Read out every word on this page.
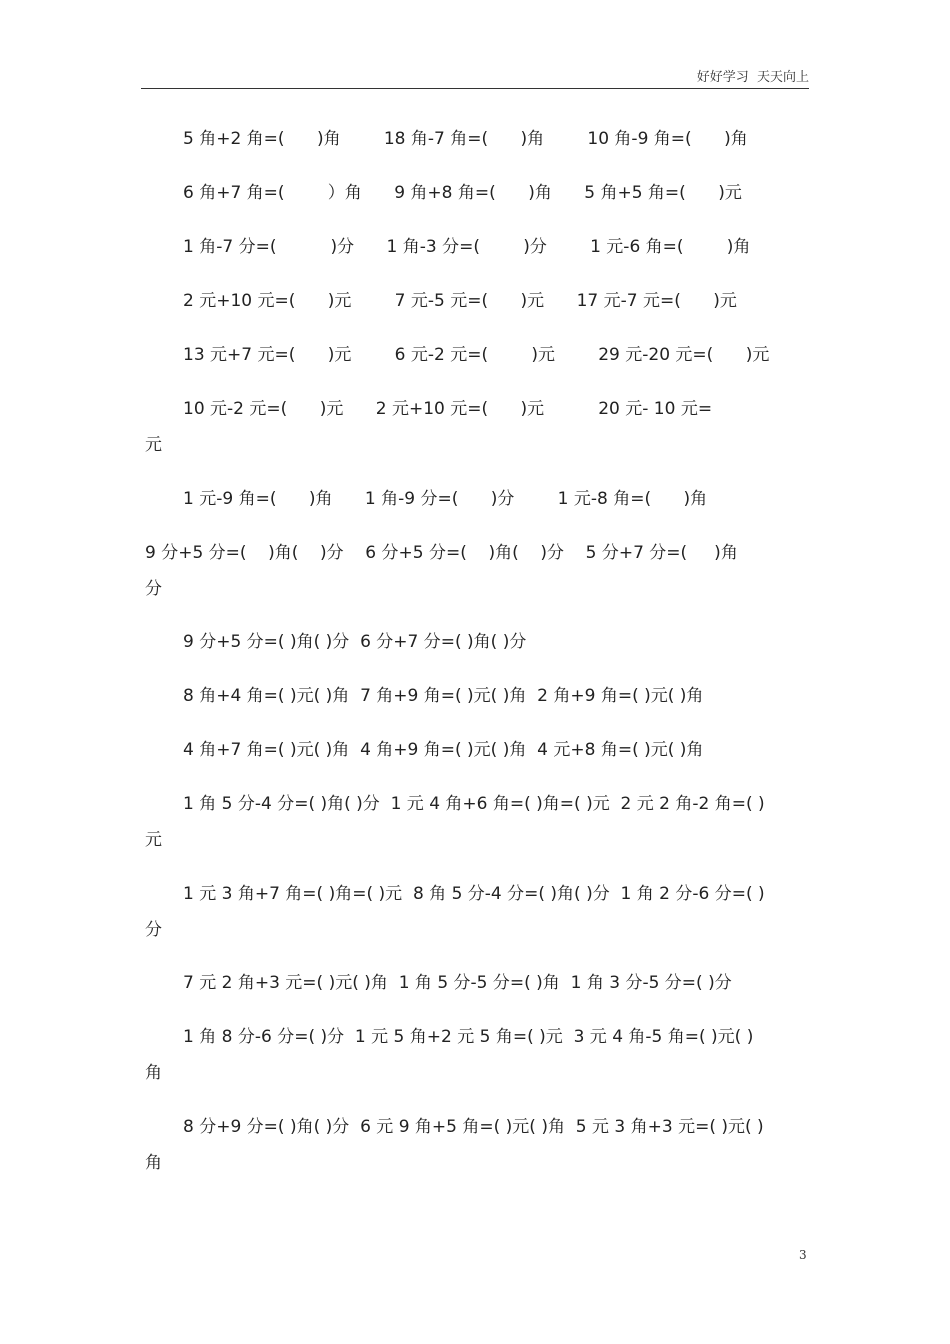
好好学习  天天向上
5 角+2 角=(      )角        18 角-7 角=(      )角        10 角-9 角=(      )角
6 角+7 角=(        ）角      9 角+8 角=(      )角      5 角+5 角=(      )元
1 角-7 分=(          )分      1 角-3 分=(        )分        1 元-6 角=(        )角
2 元+10 元=(      )元        7 元-5 元=(      )元      17 元-7 元=(      )元
13 元+7 元=(      )元        6 元-2 元=(        )元        29 元-20 元=(      )元
10 元-2 元=(      )元      2 元+10 元=(      )元          20 元- 10 元=
元
1 元-9 角=(      )角      1 角-9 分=(      )分        1 元-8 角=(      )角
9 分+5 分=(    )角(    )分    6 分+5 分=(    )角(    )分    5 分+7 分=(     )角
分
9 分+5 分=( )角( )分  6 分+7 分=( )角( )分
8 角+4 角=( )元( )角  7 角+9 角=( )元( )角  2 角+9 角=( )元( )角
4 角+7 角=( )元( )角  4 角+9 角=( )元( )角  4 元+8 角=( )元( )角
1 角 5 分-4 分=( )角( )分  1 元 4 角+6 角=( )角=( )元  2 元 2 角-2 角=( )
元
1 元 3 角+7 角=( )角=( )元  8 角 5 分-4 分=( )角( )分  1 角 2 分-6 分=( )
分
7 元 2 角+3 元=( )元( )角  1 角 5 分-5 分=( )角  1 角 3 分-5 分=( )分
1 角 8 分-6 分=( )分  1 元 5 角+2 元 5 角=( )元  3 元 4 角-5 角=( )元( )
角
8 分+9 分=( )角( )分  6 元 9 角+5 角=( )元( )角  5 元 3 角+3 元=( )元( )
角
3
